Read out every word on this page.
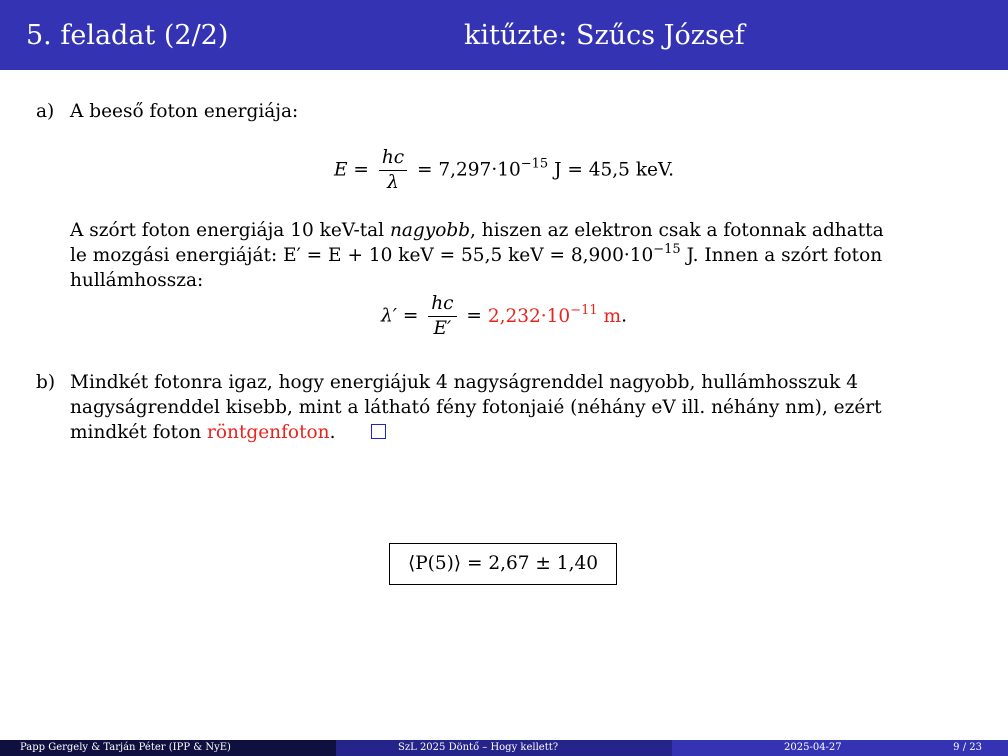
5. feladat (2/2)	kitűzte: Szűcs József
a) A beeső foton energiája:
$E = \frac{hc}{\lambda} = 7,297\cdot 10^{-15}$ J = 45,5 keV.
A szórt foton energiája 10 keV-tal nagyobb, hiszen az elektron csak a fotonnak adhatta
le mozgási energiáját: E′ = E + 10 keV = 55,5 keV = $8,900\cdot 10^{-15}$ J. Innen a szórt foton
hullámhossza:
$\lambda' = \frac{hc}{E'} = 2,232\cdot 10^{-11}$ m.
b) Mindkét fotonra igaz, hogy energiájuk 4 nagyságrenddel nagyobb, hullámhosszuk 4
nagyságrenddel kisebb, mint a látható fény fotonjaié (néhány eV ill. néhány nm), ezért
mindkét foton röntgenfoton.
⟨P(5)⟩ = 2,67 ± 1,40
Papp Gergely & Tarján Péter (IPP & NyE)	SzL 2025 Döntő – Hogy kellett?	2025-04-27	9 / 23
